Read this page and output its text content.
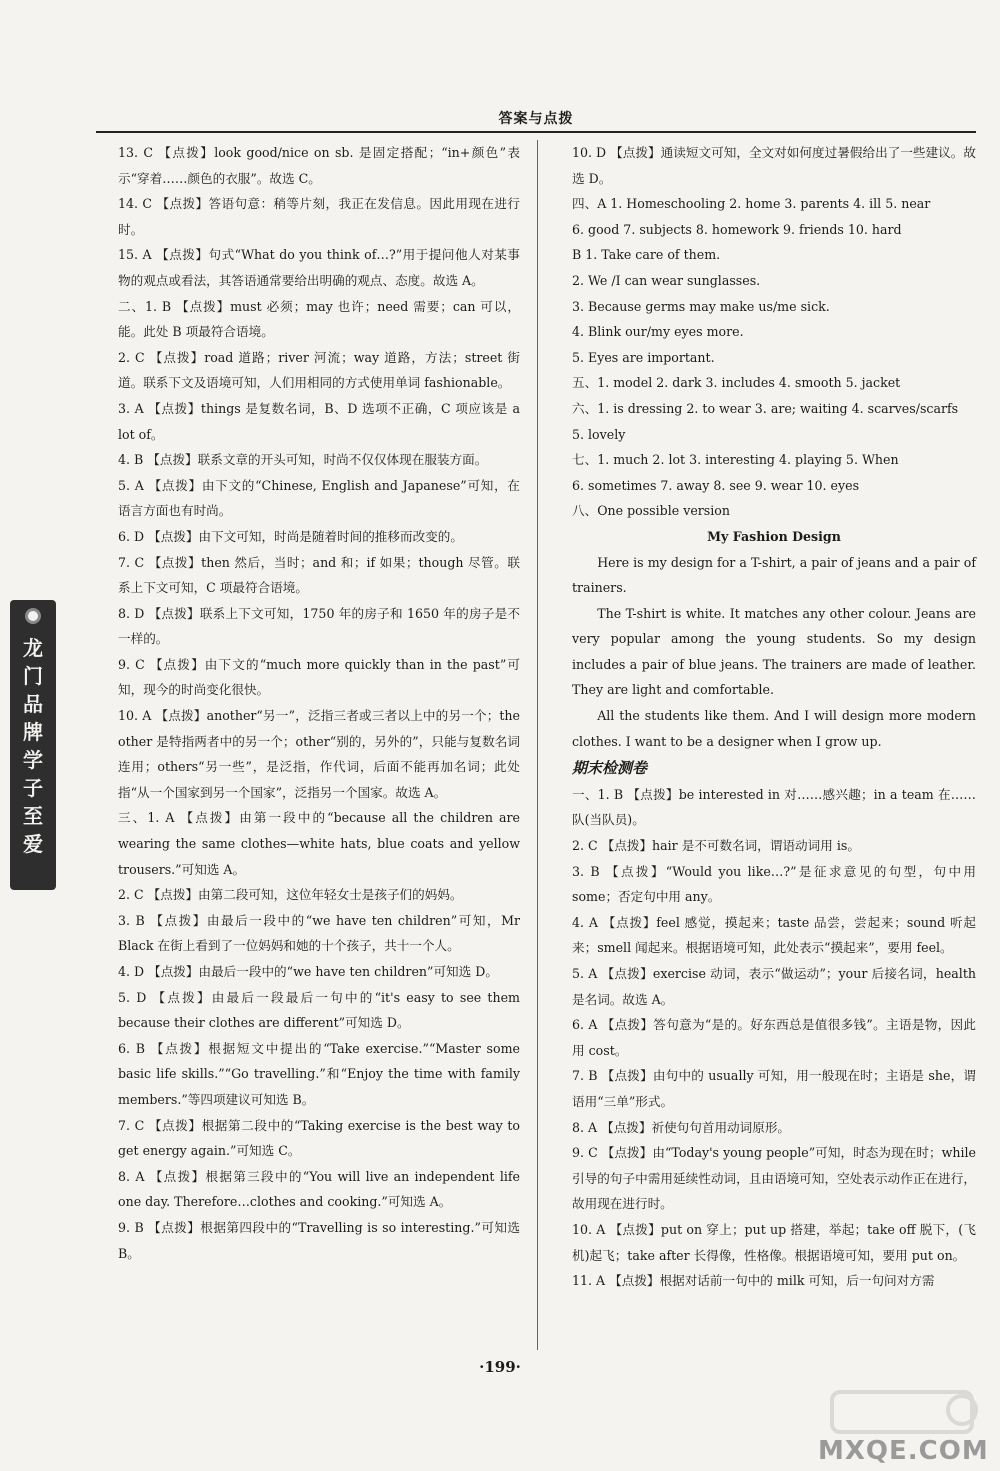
答案与点拨
龙
门
品
牌
学
子
至
爱
13. C 【点拨】look good/nice on sb. 是固定搭配；“in+颜色”表示“穿着……颜色的衣服”。故选 C。
14. C 【点拨】答语句意：稍等片刻，我正在发信息。因此用现在进行时。
15. A 【点拨】句式“What do you think of…?”用于提问他人对某事物的观点或看法，其答语通常要给出明确的观点、态度。故选 A。
二、1. B 【点拨】must 必须；may 也许；need 需要；can 可以，能。此处 B 项最符合语境。
2. C 【点拨】road 道路；river 河流；way 道路，方法；street 街道。联系下文及语境可知，人们用相同的方式使用单词 fashionable。
3. A 【点拨】things 是复数名词，B、D 选项不正确，C 项应该是 a lot of。
4. B 【点拨】联系文章的开头可知，时尚不仅仅体现在服装方面。
5. A 【点拨】由下文的“Chinese, English and Japanese”可知，在语言方面也有时尚。
6. D 【点拨】由下文可知，时尚是随着时间的推移而改变的。
7. C 【点拨】then 然后，当时；and 和；if 如果；though 尽管。联系上下文可知，C 项最符合语境。
8. D 【点拨】联系上下文可知，1750 年的房子和 1650 年的房子是不一样的。
9. C 【点拨】由下文的“much more quickly than in the past”可知，现今的时尚变化很快。
10. A 【点拨】another“另一”，泛指三者或三者以上中的另一个；the other 是特指两者中的另一个；other“别的，另外的”，只能与复数名词连用；others“另一些”，是泛指，作代词，后面不能再加名词；此处指“从一个国家到另一个国家”，泛指另一个国家。故选 A。
三、1. A 【点拨】由第一段中的“because all the children are wearing the same clothes—white hats, blue coats and yellow trousers.”可知选 A。
2. C 【点拨】由第二段可知，这位年轻女士是孩子们的妈妈。
3. B 【点拨】由最后一段中的“we have ten children”可知，Mr Black 在街上看到了一位妈妈和她的十个孩子，共十一个人。
4. D 【点拨】由最后一段中的“we have ten children”可知选 D。
5. D 【点拨】由最后一段最后一句中的“it's easy to see them because their clothes are different”可知选 D。
6. B 【点拨】根据短文中提出的“Take exercise.”“Master some basic life skills.”“Go travelling.”和“Enjoy the time with family members.”等四项建议可知选 B。
7. C 【点拨】根据第二段中的“Taking exercise is the best way to get energy again.”可知选 C。
8. A 【点拨】根据第三段中的“You will live an independent life one day. Therefore…clothes and cooking.”可知选 A。
9. B 【点拨】根据第四段中的“Travelling is so interesting.”可知选 B。
10. D 【点拨】通读短文可知，全文对如何度过暑假给出了一些建议。故选 D。
四、A 1. Homeschooling 2. home 3. parents 4. ill 5. near
6. good 7. subjects 8. homework 9. friends 10. hard
B 1. Take care of them.
2. We /I can wear sunglasses.
3. Because germs may make us/me sick.
4. Blink our/my eyes more.
5. Eyes are important.
五、1. model 2. dark 3. includes 4. smooth 5. jacket
六、1. is dressing 2. to wear 3. are; waiting 4. scarves/scarfs
5. lovely
七、1. much 2. lot 3. interesting 4. playing 5. When
6. sometimes 7. away 8. see 9. wear 10. eyes
八、One possible version
My Fashion Design
Here is my design for a T-shirt, a pair of jeans and a pair of trainers.
The T-shirt is white. It matches any other colour. Jeans are very popular among the young students. So my design includes a pair of blue jeans. The trainers are made of leather. They are light and comfortable.
All the students like them. And I will design more modern clothes. I want to be a designer when I grow up.
期末检测卷
一、1. B 【点拨】be interested in 对……感兴趣；in a team 在……队(当队员)。
2. C 【点拨】hair 是不可数名词，谓语动词用 is。
3. B 【点拨】“Would you like…?”是征求意见的句型，句中用 some；否定句中用 any。
4. A 【点拨】feel 感觉，摸起来；taste 品尝，尝起来；sound 听起来；smell 闻起来。根据语境可知，此处表示“摸起来”，要用 feel。
5. A 【点拨】exercise 动词，表示“做运动”；your 后接名词，health 是名词。故选 A。
6. A 【点拨】答句意为“是的。好东西总是值很多钱”。主语是物，因此用 cost。
7. B 【点拨】由句中的 usually 可知，用一般现在时；主语是 she，谓语用“三单”形式。
8. A 【点拨】祈使句句首用动词原形。
9. C 【点拨】由“Today's young people”可知，时态为现在时；while 引导的句子中需用延续性动词，且由语境可知，空处表示动作正在进行，故用现在进行时。
10. A 【点拨】put on 穿上；put up 搭建，举起；take off 脱下，(飞机)起飞；take after 长得像，性格像。根据语境可知，要用 put on。
11. A 【点拨】根据对话前一句中的 milk 可知，后一句问对方需
·199·
MXQE.COM
